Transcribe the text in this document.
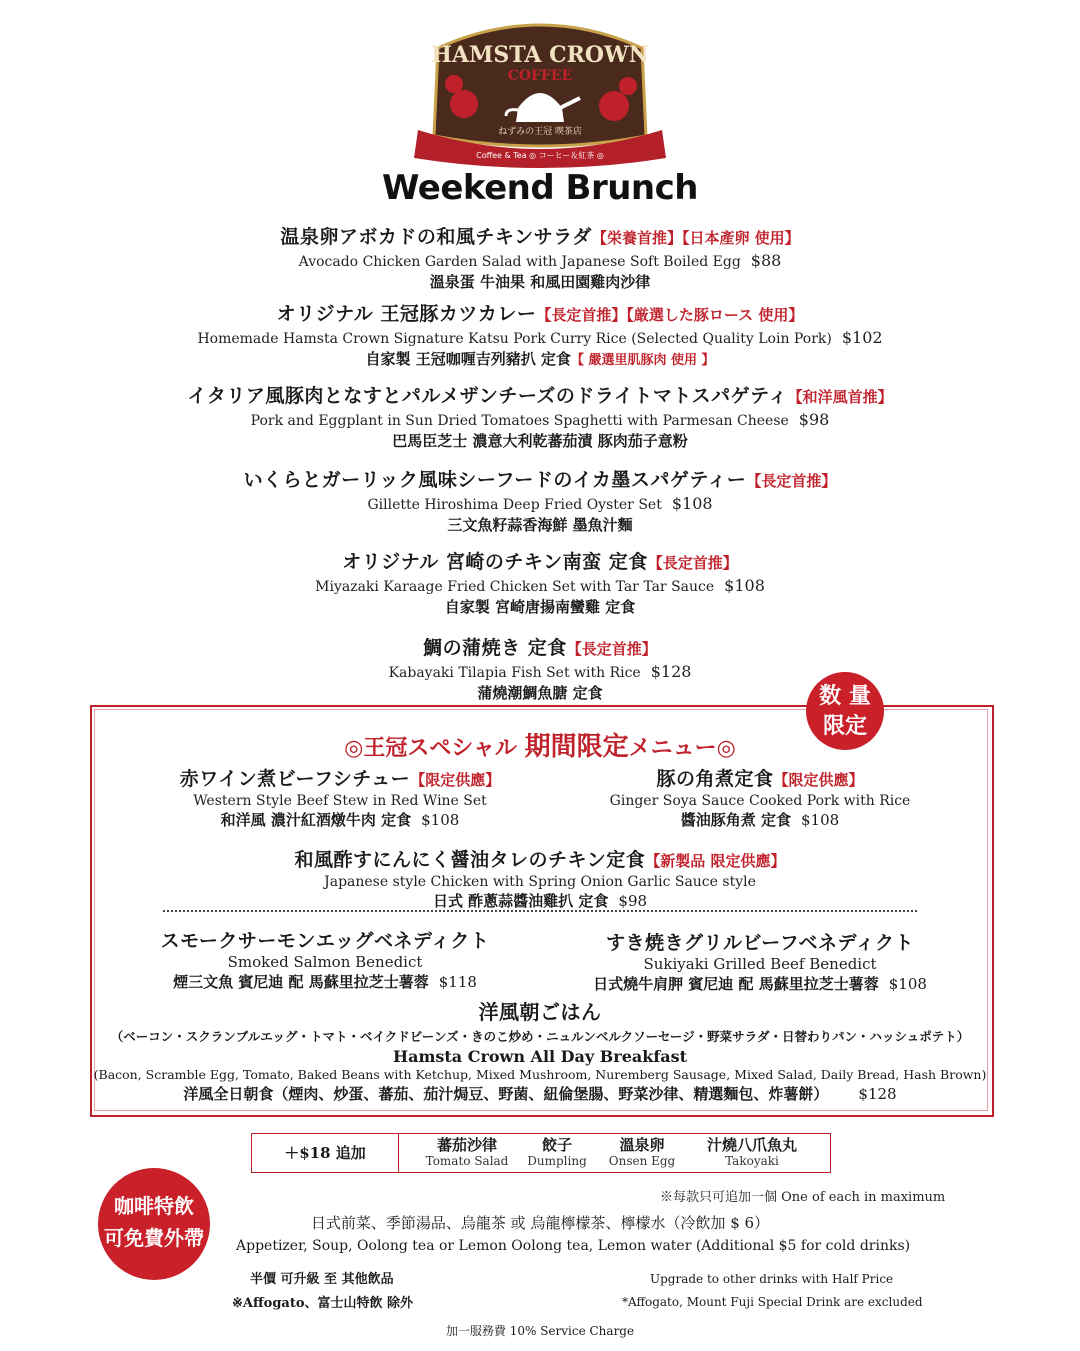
HAMSTA CROWN
COFFEE
ねずみの王冠 喫茶店
Coffee & Tea ◎ コーヒー＆紅茶 ◎
Weekend Brunch
温泉卵アボカドの和風チキンサラダ【栄養首推】【日本產卵 使用】
Avocado Chicken Garden Salad with Japanese Soft Boiled Egg $88
溫泉蛋 牛油果 和風田園雞肉沙律
オリジナル 王冠豚カツカレー【長定首推】【厳選した豚ロース 使用】
Homemade Hamsta Crown Signature Katsu Pork Curry Rice (Selected Quality Loin Pork) $102
自家製 王冠咖喱吉列豬扒 定食【 嚴選里肌豚肉 使用 】
イタリア風豚肉となすとパルメザンチーズのドライトマトスパゲティ【和洋風首推】
Pork and Eggplant in Sun Dried Tomatoes Spaghetti with Parmesan Cheese $98
巴馬臣芝士 濃意大利乾蕃茄漬 豚肉茄子意粉
いくらとガーリック風味シーフードのイカ墨スパゲティー【長定首推】
Gillette Hiroshima Deep Fried Oyster Set $108
三文魚籽蒜香海鮮 墨魚汁麵
オリジナル 宮崎のチキン南蛮 定食【長定首推】
Miyazaki Karaage Fried Chicken Set with Tar Tar Sauce $108
自家製 宮崎唐揚南蠻雞 定食
鯛の蒲焼き 定食【長定首推】
Kabayaki Tilapia Fish Set with Rice $128
蒲燒潮鯛魚膅 定食	数 量
限定
◎王冠スペシャル 期間限定メニュー◎
赤ワイン煮ビーフシチュー【限定供應】
Western Style Beef Stew in Red Wine Set
和洋風 濃汁紅酒燉牛肉 定食 $108
豚の角煮定食【限定供應】
Ginger Soya Sauce Cooked Pork with Rice
醬油豚角煮 定食 $108
和風酢すにんにく醤油タレのチキン定食【新製品 限定供應】
Japanese style Chicken with Spring Onion Garlic Sauce style
日式 酢蔥蒜醬油雞扒 定食 $98
スモークサーモンエッグベネディクト
Smoked Salmon Benedict
煙三文魚 賓尼迪 配 馬蘇里拉芝士薯蓉 $118
すき焼きグリルビーフベネディクト
Sukiyaki Grilled Beef Benedict
日式燒牛肩胛 賓尼迪 配 馬蘇里拉芝士薯蓉 $108
洋風朝ごはん
（ベーコン・スクランブルエッグ・トマト・ベイクドビーンズ・きのこ炒め・ニュルンベルクソーセージ・野菜サラダ・日替わりパン・ハッシュポテト）
Hamsta Crown All Day Breakfast
(Bacon, Scramble Egg, Tomato, Baked Beans with Ketchup, Mixed Mushroom, Nuremberg Sausage, Mixed Salad, Daily Bread, Hash Brown)
洋風全日朝食（煙肉、炒蛋、蕃茄、茄汁焗豆、野菌、紐倫堡腸、野菜沙律、精選麵包、炸薯餅） $128
＋$18 追加	蕃茄沙律
Tomato Salad
餃子
Dumpling
溫泉卵
Onsen Egg
汁燒八爪魚丸
Takoyaki
※每款只可追加一個 One of each in maximum
咖啡特飲
可免費外帶
日式前菜、季節湯品、烏龍茶 或 烏龍檸檬茶、檸檬水（冷飲加 $ 6）
Appetizer, Soup, Oolong tea or Lemon Oolong tea, Lemon water (Additional $5 for cold drinks)
半價 可升級 至 其他飲品	Upgrade to other drinks with Half Price
※Affogato、富士山特飲 除外	*Affogato, Mount Fuji Special Drink are excluded
加一服務費 10% Service Charge
